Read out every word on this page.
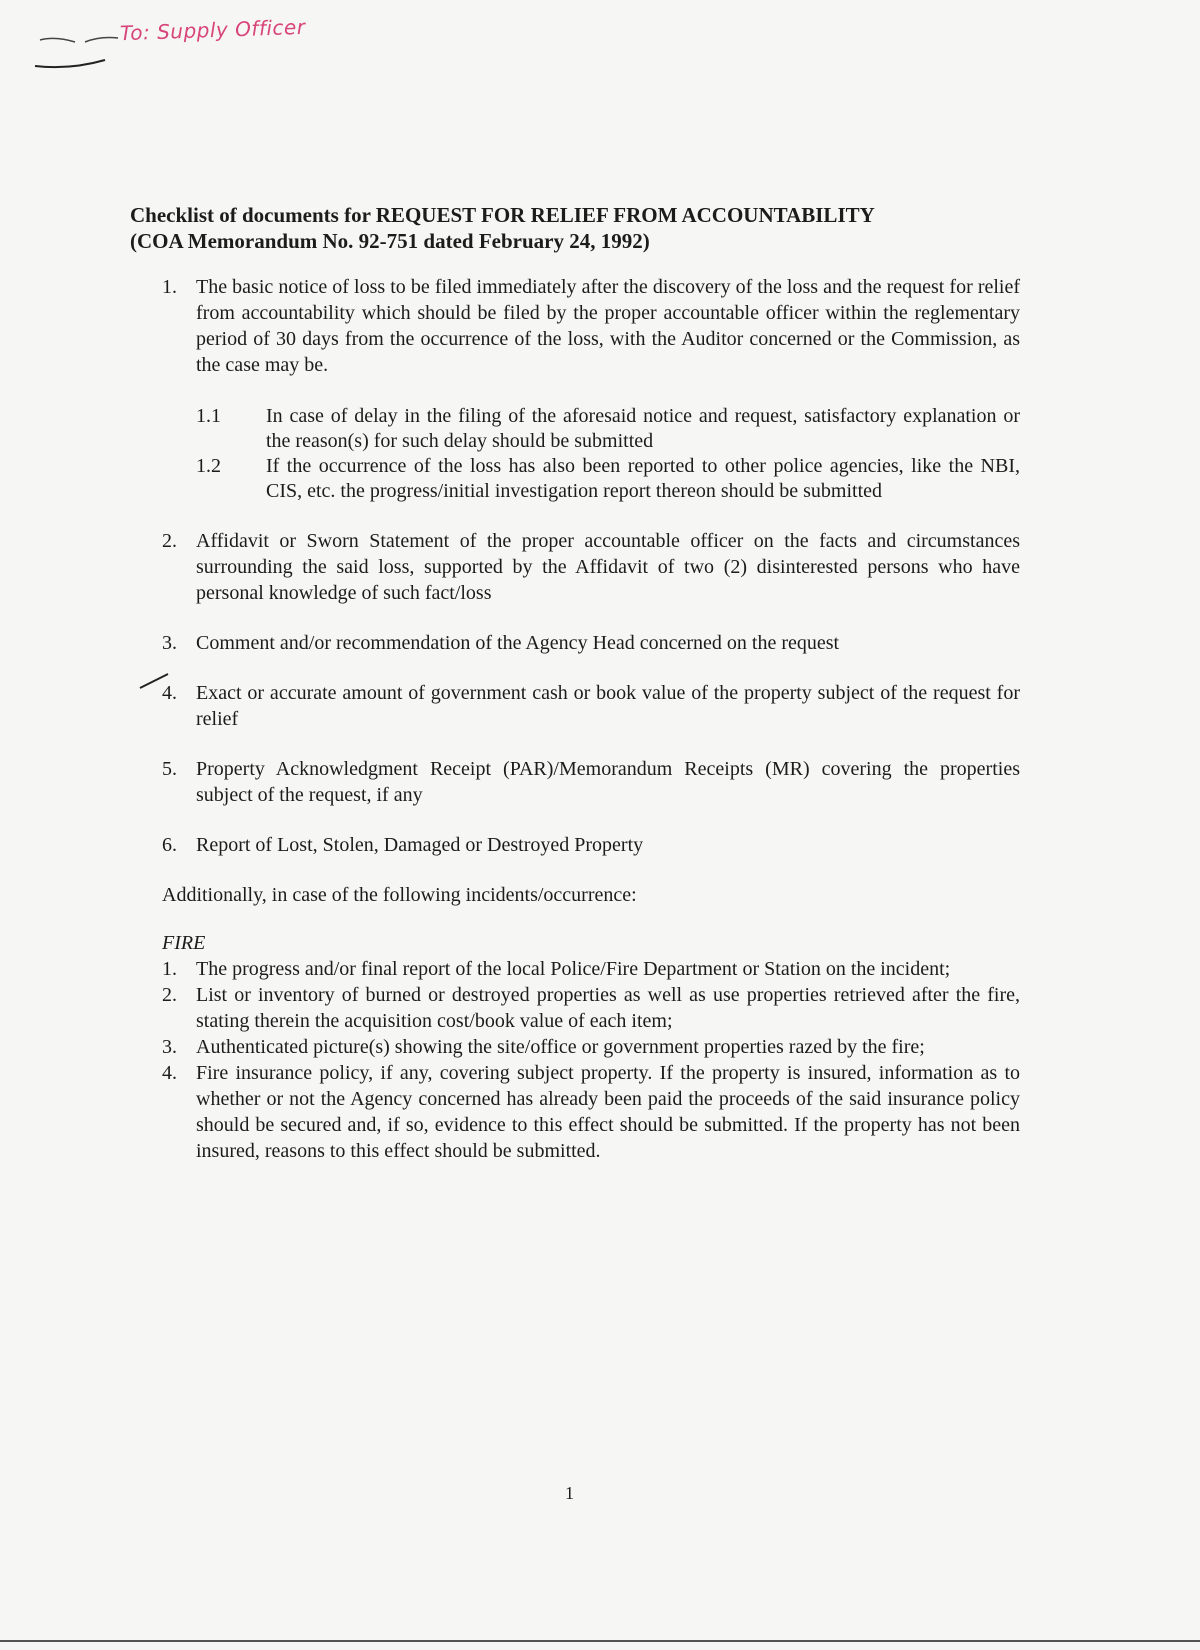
To: Supply Officer

Checklist of documents for REQUEST FOR RELIEF FROM ACCOUNTABILITY
(COA Memorandum No. 92-751 dated February 24, 1992)

1. The basic notice of loss to be filed immediately after the discovery of the loss and the request for relief from accountability which should be filed by the proper accountable officer within the reglementary period of 30 days from the occurrence of the loss, with the Auditor concerned or the Commission, as the case may be.
1.1 In case of delay in the filing of the aforesaid notice and request, satisfactory explanation or the reason(s) for such delay should be submitted
1.2 If the occurrence of the loss has also been reported to other police agencies, like the NBI, CIS, etc. the progress/initial investigation report thereon should be submitted
2. Affidavit or Sworn Statement of the proper accountable officer on the facts and circumstances surrounding the said loss, supported by the Affidavit of two (2) disinterested persons who have personal knowledge of such fact/loss
3. Comment and/or recommendation of the Agency Head concerned on the request
4. Exact or accurate amount of government cash or book value of the property subject of the request for relief
5. Property Acknowledgment Receipt (PAR)/Memorandum Receipts (MR) covering the properties subject of the request, if any
6. Report of Lost, Stolen, Damaged or Destroyed Property

Additionally, in case of the following incidents/occurrence:

FIRE

1. The progress and/or final report of the local Police/Fire Department or Station on the incident;
2. List or inventory of burned or destroyed properties as well as use properties retrieved after the fire, stating therein the acquisition cost/book value of each item;
3. Authenticated picture(s) showing the site/office or government properties razed by the fire;
4. Fire insurance policy, if any, covering subject property. If the property is insured, information as to whether or not the Agency concerned has already been paid the proceeds of the said insurance policy should be secured and, if so, evidence to this effect should be submitted. If the property has not been insured, reasons to this effect should be submitted.
1
